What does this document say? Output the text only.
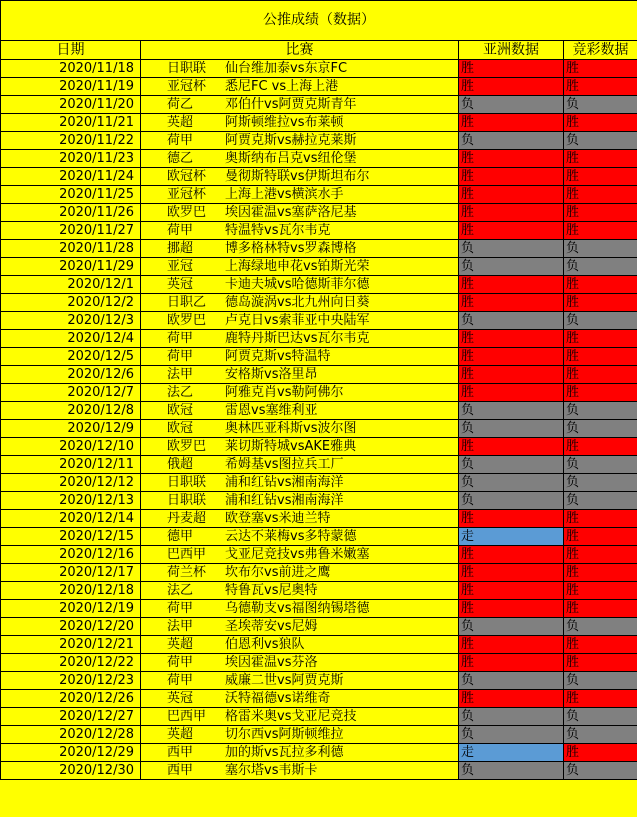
公推成绩（数据）			
日期	比赛	亚洲数据	竞彩数据
2020/11/18	日职联 仙台维加泰vs东京FC	胜	胜
2020/11/19	亚冠杯 悉尼FC vs上海上港	胜	胜
2020/11/20	荷乙 邓伯什vs阿贾克斯青年	负	负
2020/11/21	英超 阿斯顿维拉vs布莱顿	胜	胜
2020/11/22	荷甲 阿贾克斯vs赫拉克莱斯	负	负
2020/11/23	德乙 奥斯纳布吕克vs纽伦堡	胜	胜
2020/11/24	欧冠杯 曼彻斯特联vs伊斯坦布尔	胜	胜
2020/11/25	亚冠杯 上海上港vs横滨水手	胜	胜
2020/11/26	欧罗巴 埃因霍温vs塞萨洛尼基	胜	胜
2020/11/27	荷甲 特温特vs瓦尔韦克	胜	胜
2020/11/28	挪超 博多格林特vs罗森博格	负	负
2020/11/29	亚冠 上海绿地申花vs铂斯光荣	负	负
2020/12/1	英冠 卡迪夫城vs哈德斯菲尔德	胜	胜
2020/12/2	日职乙 德岛漩涡vs北九州向日葵	胜	胜
2020/12/3	欧罗巴 卢克日vs索菲亚中央陆军	负	负
2020/12/4	荷甲 鹿特丹斯巴达vs瓦尔韦克	胜	胜
2020/12/5	荷甲 阿贾克斯vs特温特	胜	胜
2020/12/6	法甲 安格斯vs洛里昂	胜	胜
2020/12/7	法乙 阿雅克肖vs勒阿佛尔	胜	胜
2020/12/8	欧冠 雷恩vs塞维利亚	负	负
2020/12/9	欧冠 奥林匹亚科斯vs波尔图	负	负
2020/12/10	欧罗巴 莱切斯特城vsAKE雅典	胜	胜
2020/12/11	俄超 希姆基vs图拉兵工厂	负	负
2020/12/12	日职联 浦和红钻vs湘南海洋	负	负
2020/12/13	日职联 浦和红钻vs湘南海洋	负	负
2020/12/14	丹麦超 欧登塞vs米迪兰特	胜	胜
2020/12/15	德甲 云达不莱梅vs多特蒙德	走	胜
2020/12/16	巴西甲 戈亚尼竞技vs弗鲁米嫩塞	胜	胜
2020/12/17	荷兰杯 坎布尔vs前进之鹰	胜	胜
2020/12/18	法乙 特鲁瓦vs尼奥特	胜	胜
2020/12/19	荷甲 乌德勒支vs福图纳锡塔德	胜	胜
2020/12/20	法甲 圣埃蒂安vs尼姆	负	负
2020/12/21	英超 伯恩利vs狼队	胜	胜
2020/12/22	荷甲 埃因霍温vs芬洛	胜	胜
2020/12/23	荷甲 威廉二世vs阿贾克斯	负	负
2020/12/26	英冠 沃特福德vs诺维奇	胜	胜
2020/12/27	巴西甲 格雷米奥vs戈亚尼竞技	负	负
2020/12/28	英超 切尔西vs阿斯顿维拉	负	负
2020/12/29	西甲 加的斯vs瓦拉多利德	走	胜
2020/12/30	西甲 塞尔塔vs韦斯卡	负	负
